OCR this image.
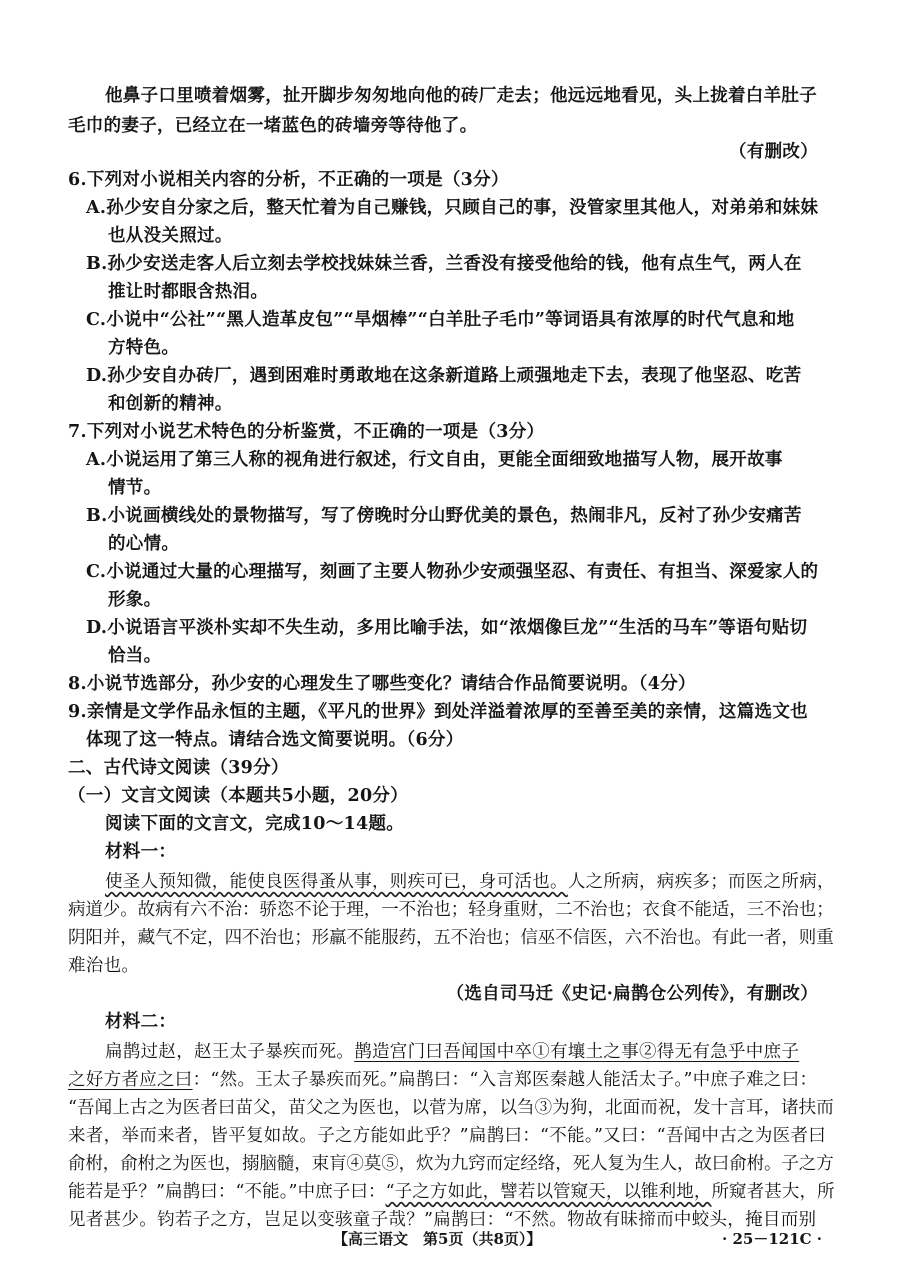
他鼻子口里喷着烟雾，扯开脚步匆匆地向他的砖厂走去；他远远地看见，头上拢着白羊肚子
毛巾的妻子，已经立在一堵蓝色的砖墙旁等待他了。
（有删改）
6.下列对小说相关内容的分析，不正确的一项是（3分）
A.孙少安自分家之后，整天忙着为自己赚钱，只顾自己的事，没管家里其他人，对弟弟和妹妹
也从没关照过。
B.孙少安送走客人后立刻去学校找妹妹兰香，兰香没有接受他给的钱，他有点生气，两人在
推让时都眼含热泪。
C.小说中“公社”“黑人造革皮包”“旱烟棒”“白羊肚子毛巾”等词语具有浓厚的时代气息和地
方特色。
D.孙少安自办砖厂，遇到困难时勇敢地在这条新道路上顽强地走下去，表现了他坚忍、吃苦
和创新的精神。
7.下列对小说艺术特色的分析鉴赏，不正确的一项是（3分）
A.小说运用了第三人称的视角进行叙述，行文自由，更能全面细致地描写人物，展开故事
情节。
B.小说画横线处的景物描写，写了傍晚时分山野优美的景色，热闹非凡，反衬了孙少安痛苦
的心情。
C.小说通过大量的心理描写，刻画了主要人物孙少安顽强坚忍、有责任、有担当、深爱家人的
形象。
D.小说语言平淡朴实却不失生动，多用比喻手法，如“浓烟像巨龙”“生活的马车”等语句贴切
恰当。
8.小说节选部分，孙少安的心理发生了哪些变化？请结合作品简要说明。（4分）
9.亲情是文学作品永恒的主题，《平凡的世界》到处洋溢着浓厚的至善至美的亲情，这篇选文也
体现了这一特点。请结合选文简要说明。（6分）
二、古代诗文阅读（39分）
（一）文言文阅读（本题共5小题，20分）
阅读下面的文言文，完成10～14题。
材料一：
使圣人预知微，能使良医得蚤从事，则疾可已，身可活也。人之所病，病疾多；而医之所病，
病道少。故病有六不治：骄恣不论于理，一不治也；轻身重财，二不治也；衣食不能适，三不治也；
阴阳并，藏气不定，四不治也；形羸不能服药，五不治也；信巫不信医，六不治也。有此一者，则重
难治也。
（选自司马迁《史记·扁鹊仓公列传》，有删改）
材料二：
扁鹊过赵，赵王太子暴疾而死。鹊造宫门曰吾闻国中卒①有壤土之事②得无有急乎中庶子
之好方者应之曰：“然。王太子暴疾而死。”扁鹊曰：“入言郑医秦越人能活太子。”中庶子难之曰：
“吾闻上古之为医者曰苗父，苗父之为医也，以菅为席，以刍③为狗，北面而祝，发十言耳，诸扶而
来者，举而来者，皆平复如故。子之方能如此乎？”扁鹊曰：“不能。”又曰：“吾闻中古之为医者曰
俞柎，俞柎之为医也，搦脑髓，束肓④莫⑤，炊为九窍而定经络，死人复为生人，故曰俞柎。子之方
能若是乎？”扁鹊曰：“不能。”中庶子曰：“子之方如此，譬若以管窥天，以锥利地，所窥者甚大，所
见者甚少。钧若子之方，岂足以变骇童子哉？”扁鹊曰：“不然。物故有昧揥而中蛟头，掩目而别
【高三语文　第5页（共8页）】	· 25－121C ·
